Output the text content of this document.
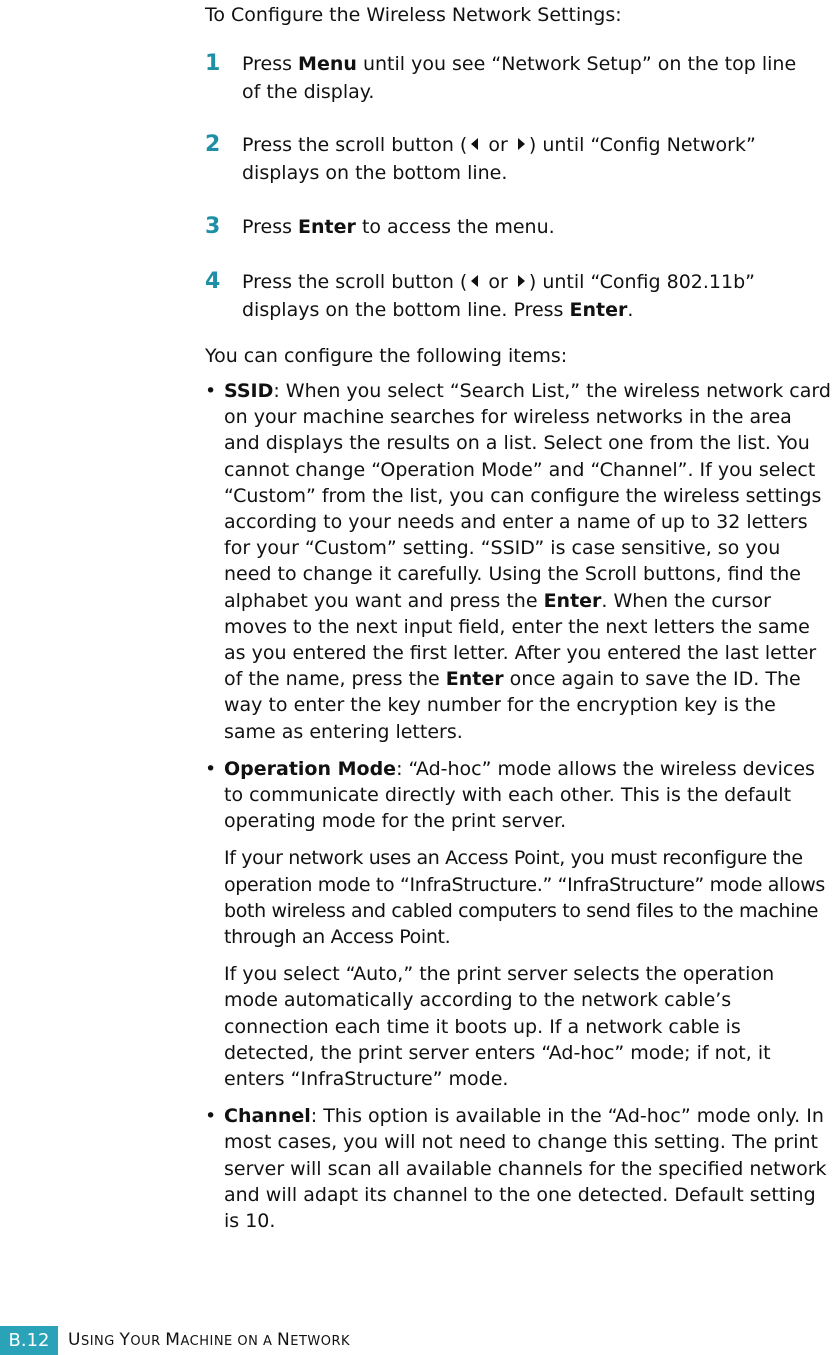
To Configure the Wireless Network Settings:

1 Press Menu until you see “Network Setup” on the top line of the display.
2 Press the scroll button ( or ) until “Config Network” displays on the bottom line.
3 Press Enter to access the menu.
4 Press the scroll button ( or ) until “Config 802.11b” displays on the bottom line. Press Enter.

You can configure the following items:

• SSID: When you select “Search List,” the wireless network card on your machine searches for wireless networks in the area and displays the results on a list. Select one from the list. You cannot change “Operation Mode” and “Channel”. If you select “Custom” from the list, you can configure the wireless settings according to your needs and enter a name of up to 32 letters for your “Custom” setting. “SSID” is case sensitive, so you need to change it carefully. Using the Scroll buttons, find the alphabet you want and press the Enter. When the cursor moves to the next input field, enter the next letters the same as you entered the first letter. After you entered the last letter of the name, press the Enter once again to save the ID. The way to enter the key number for the encryption key is the same as entering letters.
• Operation Mode: “Ad-hoc” mode allows the wireless devices to communicate directly with each other. This is the default operating mode for the print server.

If your network uses an Access Point, you must reconfigure the operation mode to “InfraStructure.” “InfraStructure” mode allows both wireless and cabled computers to send files to the machine through an Access Point.

If you select “Auto,” the print server selects the operation mode automatically according to the network cable’s connection each time it boots up. If a network cable is detected, the print server enters “Ad-hoc” mode; if not, it enters “InfraStructure” mode.

• Channel: This option is available in the “Ad-hoc” mode only. In most cases, you will not need to change this setting. The print server will scan all available channels for the specified network and will adapt its channel to the one detected. Default setting is 10.
B.12	USING YOUR MACHINE ON A NETWORK
